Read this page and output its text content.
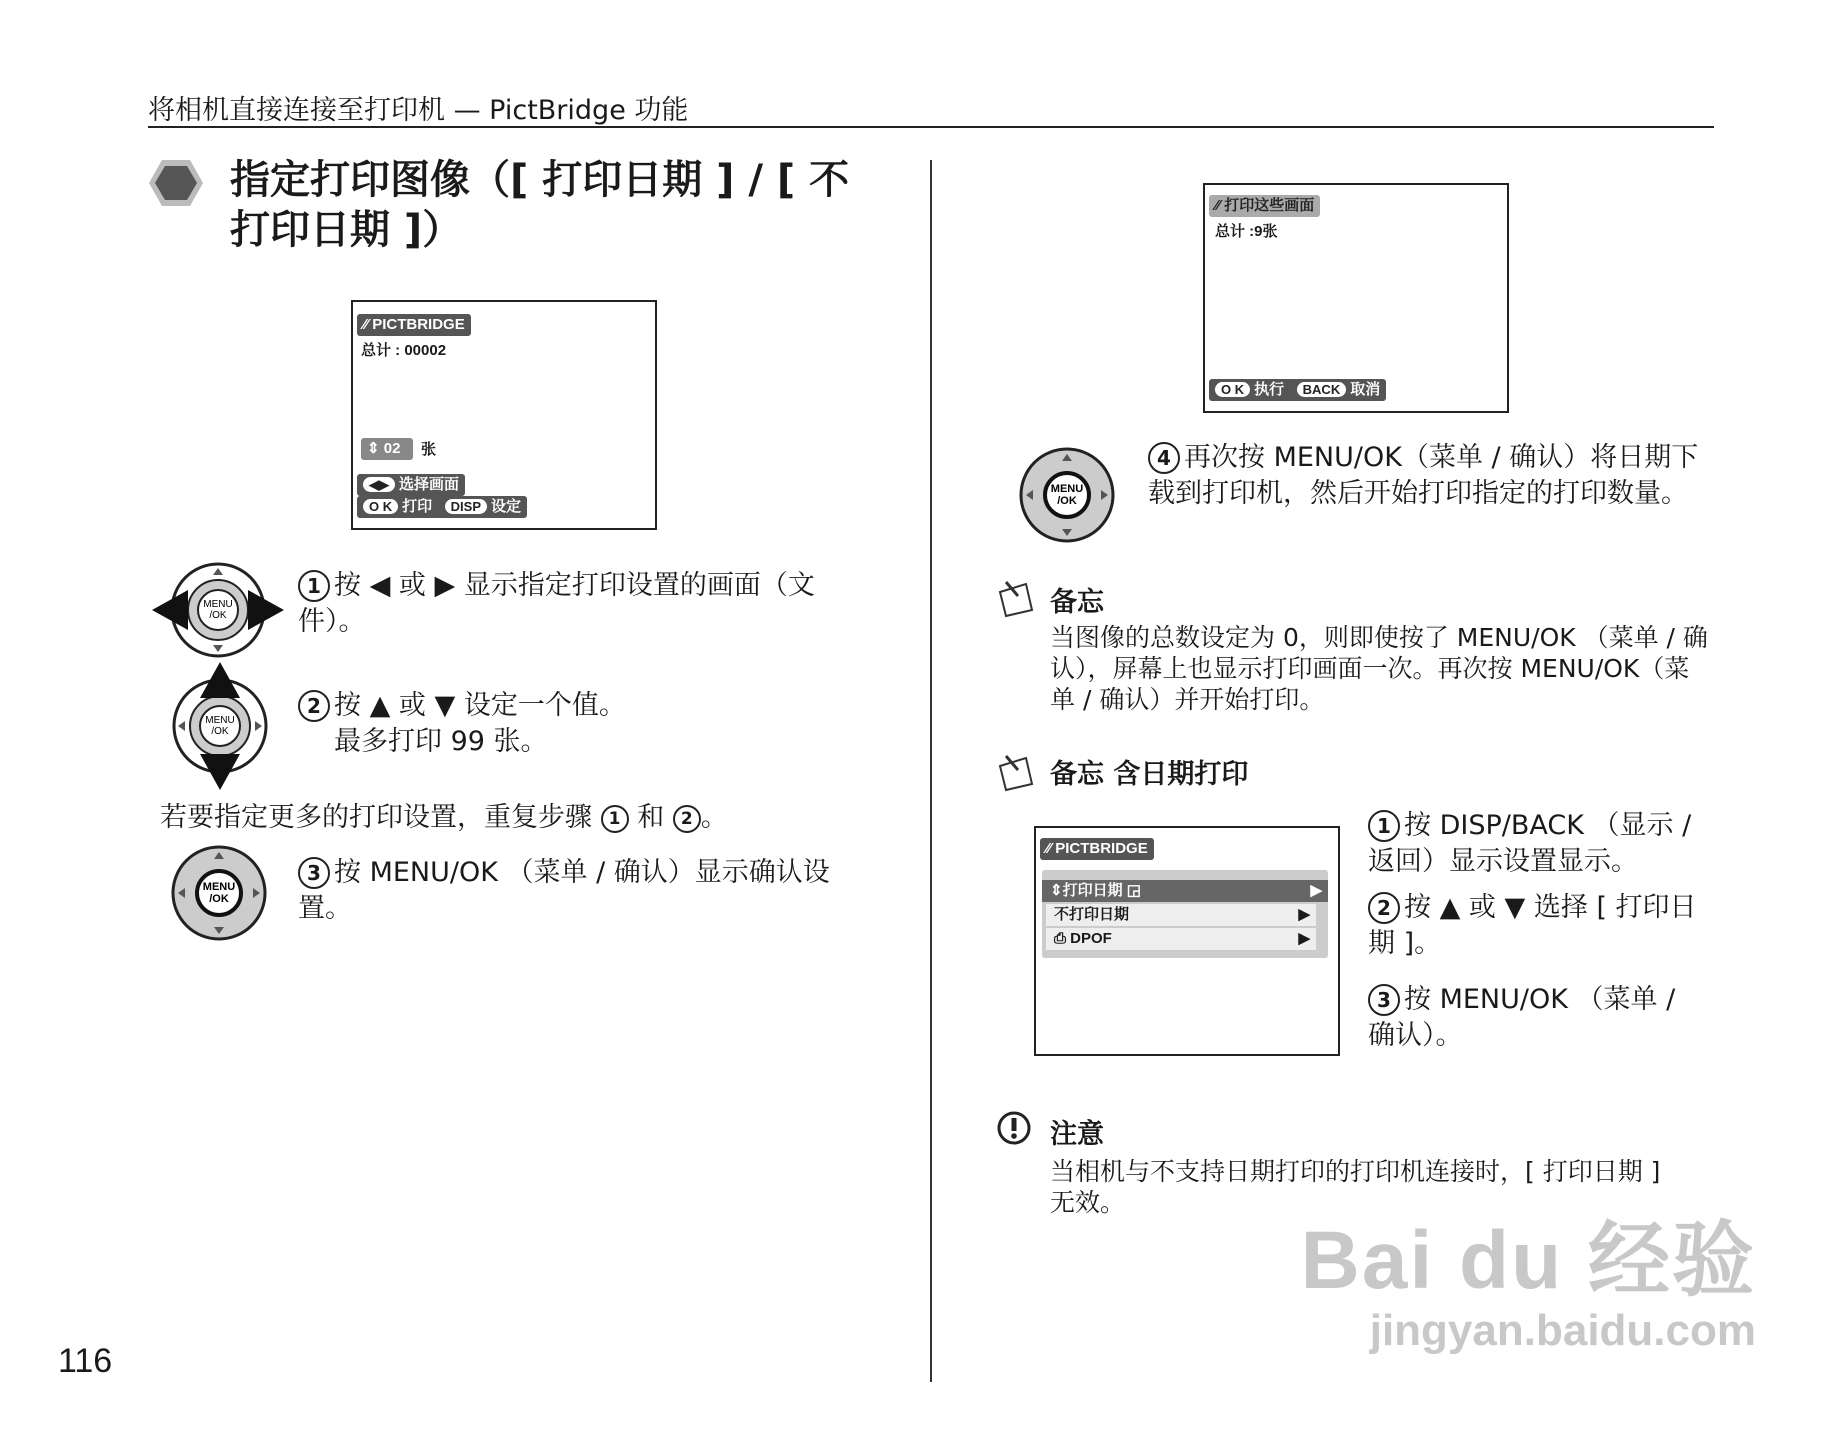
将相机直接连接至打印机 — PictBridge 功能
指定打印图像（[ 打印日期 ] / [ 不打印日期 ]）
⁄⁄ PICTBRIDGE
总计 : 00002
⇕ 02	张
◀▶ 选择画面
O K 打印 DISP 设定
MENU
/OK
1 按 ◀ 或 ▶ 显示指定打印设置的画面（文件）。
MENU
/OK
2 按 ▲ 或 ▼ 设定一个值。
最多打印 99 张。
若要指定更多的打印设置，重复步骤 1 和 2 。
MENU
/OK
3 按 MENU/OK （菜单 / 确认）显示确认设置。
116
⁄⁄ 打印这些画面
总计 :9张
O K 执行 BACK 取消
MENU
/OK
4 再次按 MENU/OK（菜单 / 确认）将日期下载到打印机，然后开始打印指定的打印数量。
备忘
当图像的总数设定为 0，则即使按了 MENU/OK （菜单 / 确认），屏幕上也显示打印画面一次。再次按 MENU/OK（菜单 / 确认）并开始打印。
备忘 含日期打印
⁄⁄ PICTBRIDGE
⇕打印日期 ◲	▶
不打印日期	▶
⎙ DPOF	▶
1 按 DISP/BACK （显示 / 返回）显示设置显示。
2 按 ▲ 或 ▼ 选择 [ 打印日期 ]。
3 按 MENU/OK （菜单 / 确认）。
注意
当相机与不支持日期打印的打印机连接时，[ 打印日期 ] 无效。
Bai du 经验
jingyan.baidu.com
